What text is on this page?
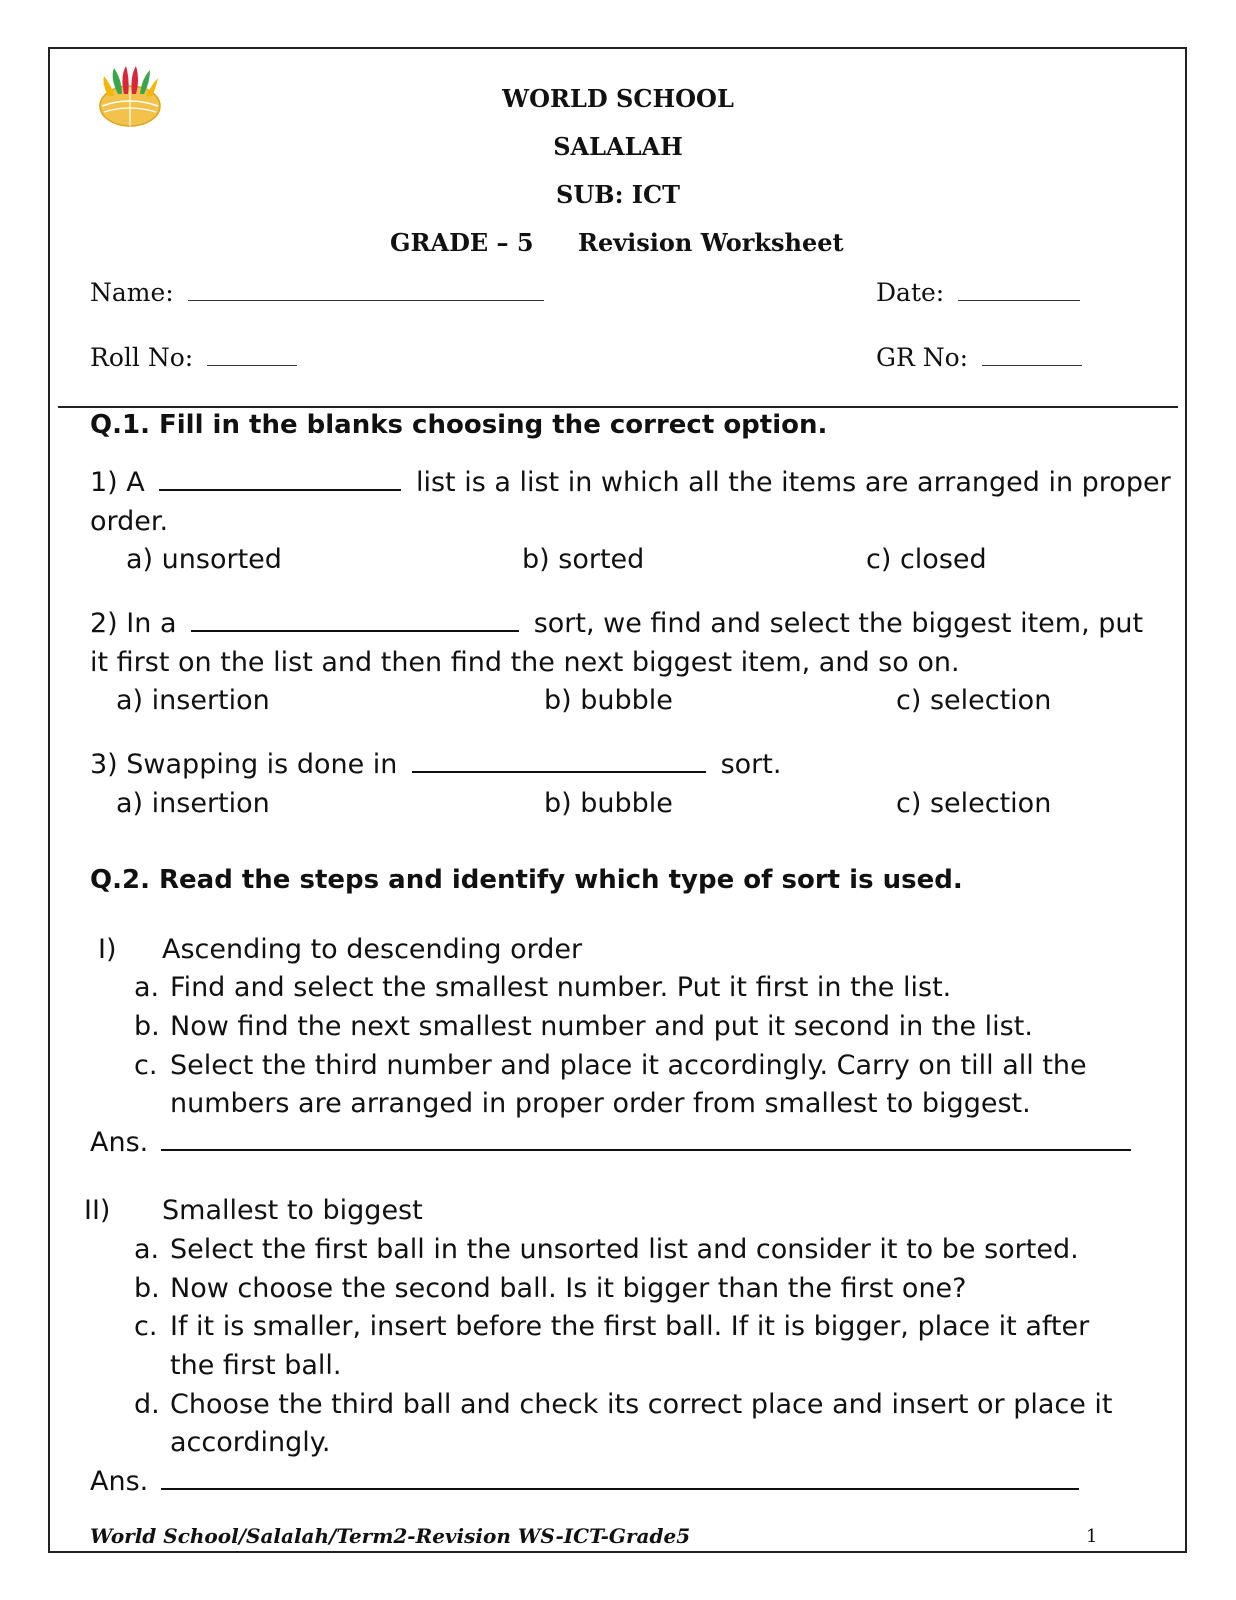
WORLD SCHOOL
SALALAH
SUB: ICT
GRADE – 5 Revision Worksheet
Name:	Date:
Roll No:	GR No:
Q.1. Fill in the blanks choosing the correct option.
1) A	list is a list in which all the items are arranged in proper
order.
a) unsorted	b) sorted	c) closed
2) In a	sort, we find and select the biggest item, put
it first on the list and then find the next biggest item, and so on.
a) insertion	b) bubble	c) selection
3) Swapping is done in	sort.
a) insertion	b) bubble	c) selection
Q.2. Read the steps and identify which type of sort is used.
I) Ascending to descending order
a. Find and select the smallest number. Put it first in the list.
b. Now find the next smallest number and put it second in the list.
c. Select the third number and place it accordingly. Carry on till all the
numbers are arranged in proper order from smallest to biggest.
Ans.
II) Smallest to biggest
a. Select the first ball in the unsorted list and consider it to be sorted.
b. Now choose the second ball. Is it bigger than the first one?
c. If it is smaller, insert before the first ball. If it is bigger, place it after
the first ball.
d. Choose the third ball and check its correct place and insert or place it
accordingly.
Ans.
World School/Salalah/Term2-Revision WS-ICT-Grade5	1
